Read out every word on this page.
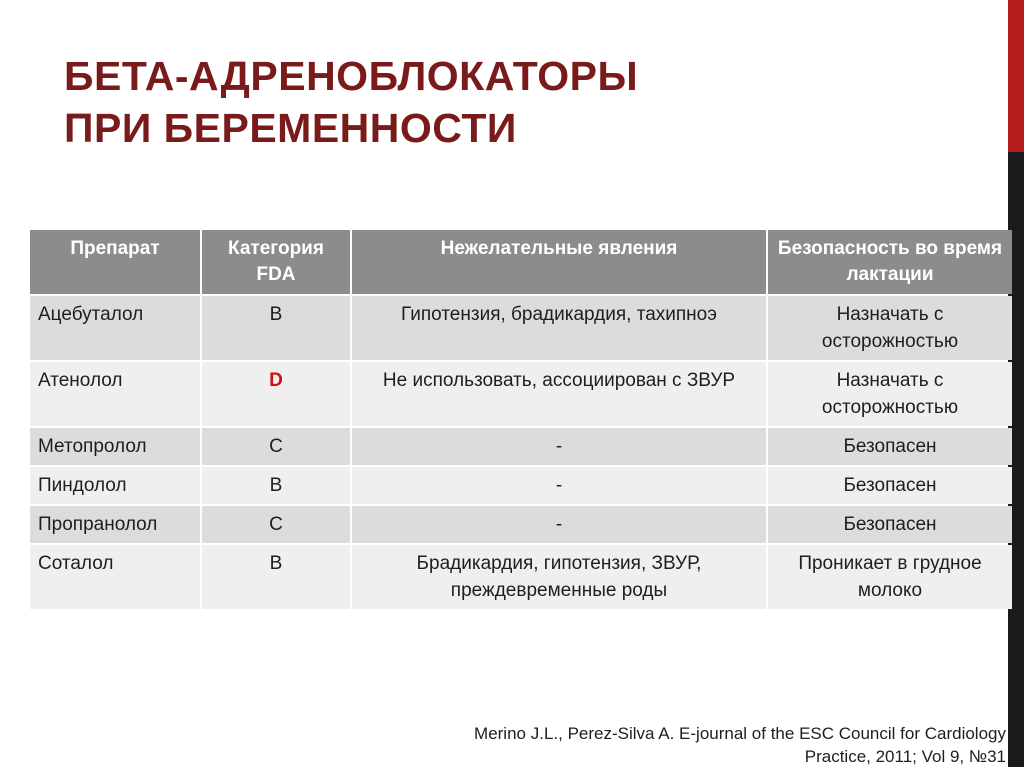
БЕТА-АДРЕНОБЛОКАТОРЫ
ПРИ БЕРЕМЕННОСТИ
Препарат	Категория FDA	Нежелательные явления	Безопасность во время лактации
Ацебуталол	B	Гипотензия, брадикардия, тахипноэ	Назначать с осторожностью
Атенолол	D	Не использовать, ассоциирован с ЗВУР	Назначать с осторожностью
Метопролол	C	-	Безопасен
Пиндолол	B	-	Безопасен
Пропранолол	C	-	Безопасен
Соталол	B	Брадикардия, гипотензия, ЗВУР, преждевременные роды	Проникает в грудное молоко
Merino J.L., Perez-Silva A. E-journal of the ESC Council for Cardiology
Practice, 2011; Vol 9, №31
